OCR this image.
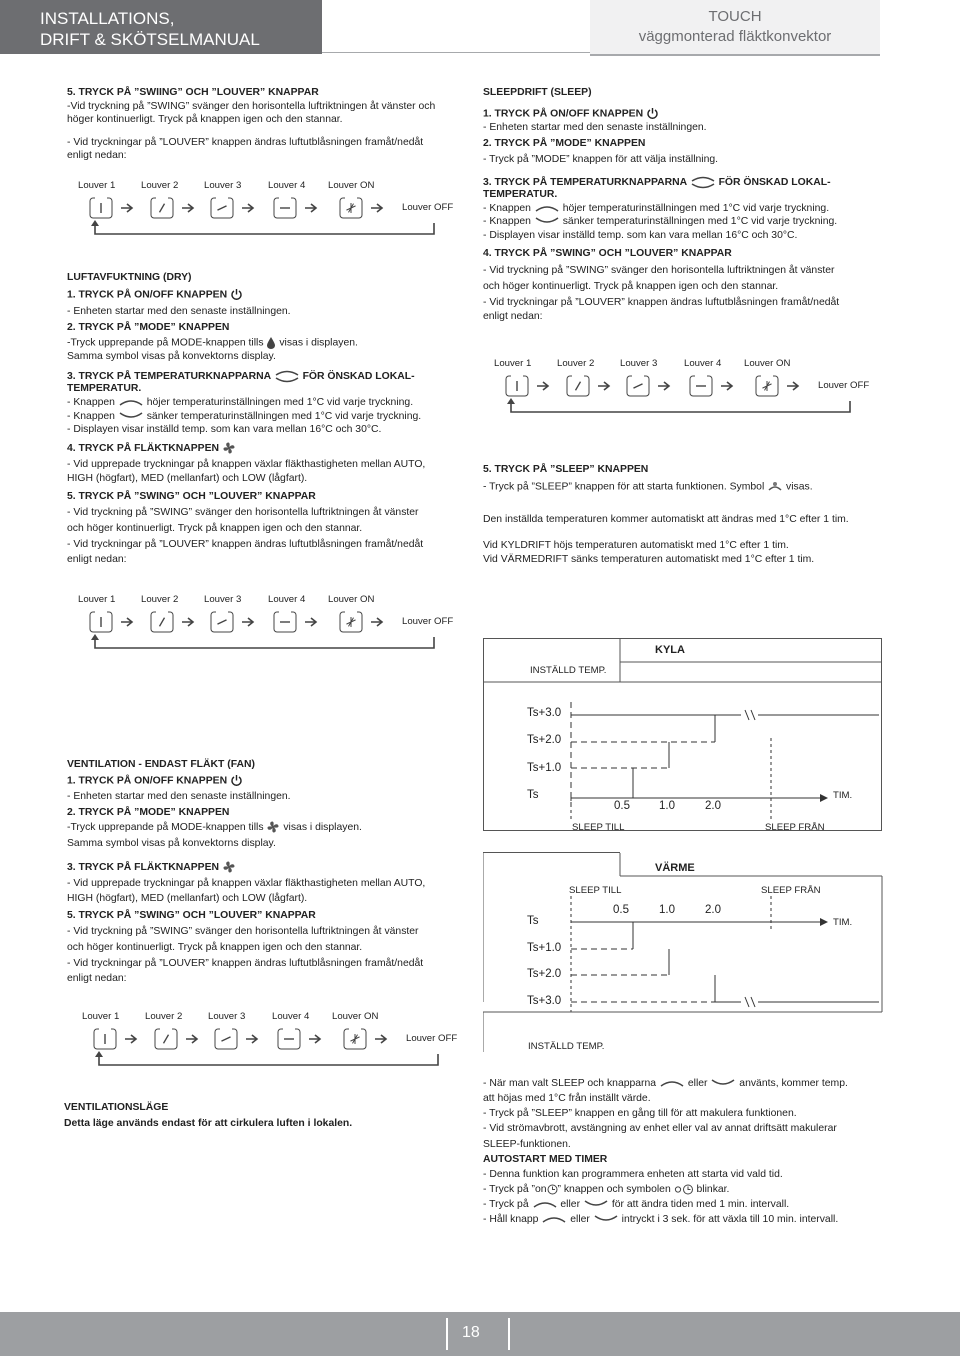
INSTALLATIONS,
DRIFT & SKÖTSELMANUAL
TOUCH
väggmonterad fläktkonvektor
5. TRYCK PÅ ”SWIING” OCH ”LOUVER” KNAPPAR
-Vid tryckning på ”SWING” svänger den horisontella luftriktningen åt vänster och höger kontinuerligt. Tryck på knappen igen och den stannar.
- Vid tryckningar på ”LOUVER” knappen ändras luftutblåsningen framåt/nedåt enligt nedan:
Louver 1	Louver 2	Louver 3	Louver 4 Louver ON
Louver OFF
LUFTAVFUKTNING (DRY)
1. TRYCK PÅ ON/OFF KNAPPEN
- Enheten startar med den senaste inställningen.
2. TRYCK PÅ ”MODE” KNAPPEN
-Tryck upprepande på MODE-knappen tills visas i displayen.
Samma symbol visas på konvektorns display.
3. TRYCK PÅ TEMPERATURKNAPPARNA	FÖR ÖNSKAD LOKAL-
TEMPERATUR.
- Knappen	höjer temperaturinställningen med 1°C vid varje tryckning.
- Knappen	sänker temperaturinställningen med 1°C vid varje tryckning.
- Displayen visar inställd temp. som kan vara mellan 16°C och 30°C.
4. TRYCK PÅ FLÄKTKNAPPEN
- Vid upprepade tryckningar på knappen växlar fläkthastigheten mellan AUTO,
HIGH (högfart), MED (mellanfart) och LOW (lågfart).
5. TRYCK PÅ ”SWING” OCH ”LOUVER” KNAPPAR
- Vid tryckning på ”SWING” svänger den horisontella luftriktningen åt vänster
och höger kontinuerligt. Tryck på knappen igen och den stannar.
- Vid tryckningar på ”LOUVER” knappen ändras luftutblåsningen framåt/nedåt
enligt nedan:
Louver 1	Louver 2	Louver 3	Louver 4 Louver ON
Louver OFF
VENTILATION - ENDAST FLÄKT (FAN)
1. TRYCK PÅ ON/OFF KNAPPEN
- Enheten startar med den senaste inställningen.
2. TRYCK PÅ ”MODE” KNAPPEN
-Tryck upprepande på MODE-knappen tills visas i displayen.
Samma symbol visas på konvektorns display.
3. TRYCK PÅ FLÄKTKNAPPEN
- Vid upprepade tryckningar på knappen växlar fläkthastigheten mellan AUTO,
HIGH (högfart), MED (mellanfart) och LOW (lågfart).
5. TRYCK PÅ ”SWING” OCH ”LOUVER” KNAPPAR
- Vid tryckning på ”SWING” svänger den horisontella luftriktningen åt vänster
och höger kontinuerligt. Tryck på knappen igen och den stannar.
- Vid tryckningar på ”LOUVER” knappen ändras luftutblåsningen framåt/nedåt
enligt nedan:
Louver 1	Louver 2	Louver 3	Louver 4 Louver ON
Louver OFF
VENTILATIONSLÄGE
Detta läge används endast för att cirkulera luften i lokalen.
SLEEPDRIFT (SLEEP)
1. TRYCK PÅ ON/OFF KNAPPEN
- Enheten startar med den senaste inställningen.
2. TRYCK PÅ ”MODE” KNAPPEN
- Tryck på ”MODE” knappen för att välja inställning.
3. TRYCK PÅ TEMPERATURKNAPPARNA	FÖR ÖNSKAD LOKAL-
TEMPERATUR.
- Knappen	höjer temperaturinställningen med 1°C vid varje tryckning.
- Knappen	sänker temperaturinställningen med 1°C vid varje tryckning.
- Displayen visar inställd temp. som kan vara mellan 16°C och 30°C.
4. TRYCK PÅ ”SWING” OCH ”LOUVER” KNAPPAR
- Vid tryckning på ”SWING” svänger den horisontella luftriktningen åt vänster
och höger kontinuerligt. Tryck på knappen igen och den stannar.
- Vid tryckningar på ”LOUVER” knappen ändras luftutblåsningen framåt/nedåt
enligt nedan:
Louver 1	Louver 2	Louver 3	Louver 4 Louver ON
Louver OFF
5. TRYCK PÅ ”SLEEP” KNAPPEN
- Tryck på ”SLEEP” knappen för att starta funktionen. Symbol visas.
Den inställda temperaturen kommer automatiskt att ändras med 1°C efter 1 tim.
Vid KYLDRIFT höjs temperaturen automatiskt med 1°C efter 1 tim.
Vid VÄRMEDRIFT sänks temperaturen automatiskt med 1°C efter 1 tim.
KYLA
INSTÄLLD TEMP.
Ts+3.0
Ts+2.0
Ts+1.0
Ts
0.5	1.0	2.0
TIM.
SLEEP TILL	SLEEP FRÅN
VÄRME
SLEEP TILL	SLEEP FRÅN
0.5	1.0	2.0
TIM.
Ts
Ts+1.0
Ts+2.0
Ts+3.0
INSTÄLLD TEMP.
- När man valt SLEEP och knapparna	eller	använts, kommer temp.
att höjas med 1°C från inställt värde.
- Tryck på ”SLEEP” knappen en gång till för att makulera funktionen.
- Vid strömavbrott, avstängning av enhet eller val av annat driftsätt makulerar
SLEEP-funktionen.
AUTOSTART MED TIMER
- Denna funktion kan programmera enheten att starta vid vald tid.
- Tryck på ”on ” knappen och symbolen blinkar.
- Tryck på	eller	för att ändra tiden med 1 min. intervall.
- Håll knapp	eller	intryckt i 3 sek. för att växla till 10 min. intervall.
18
